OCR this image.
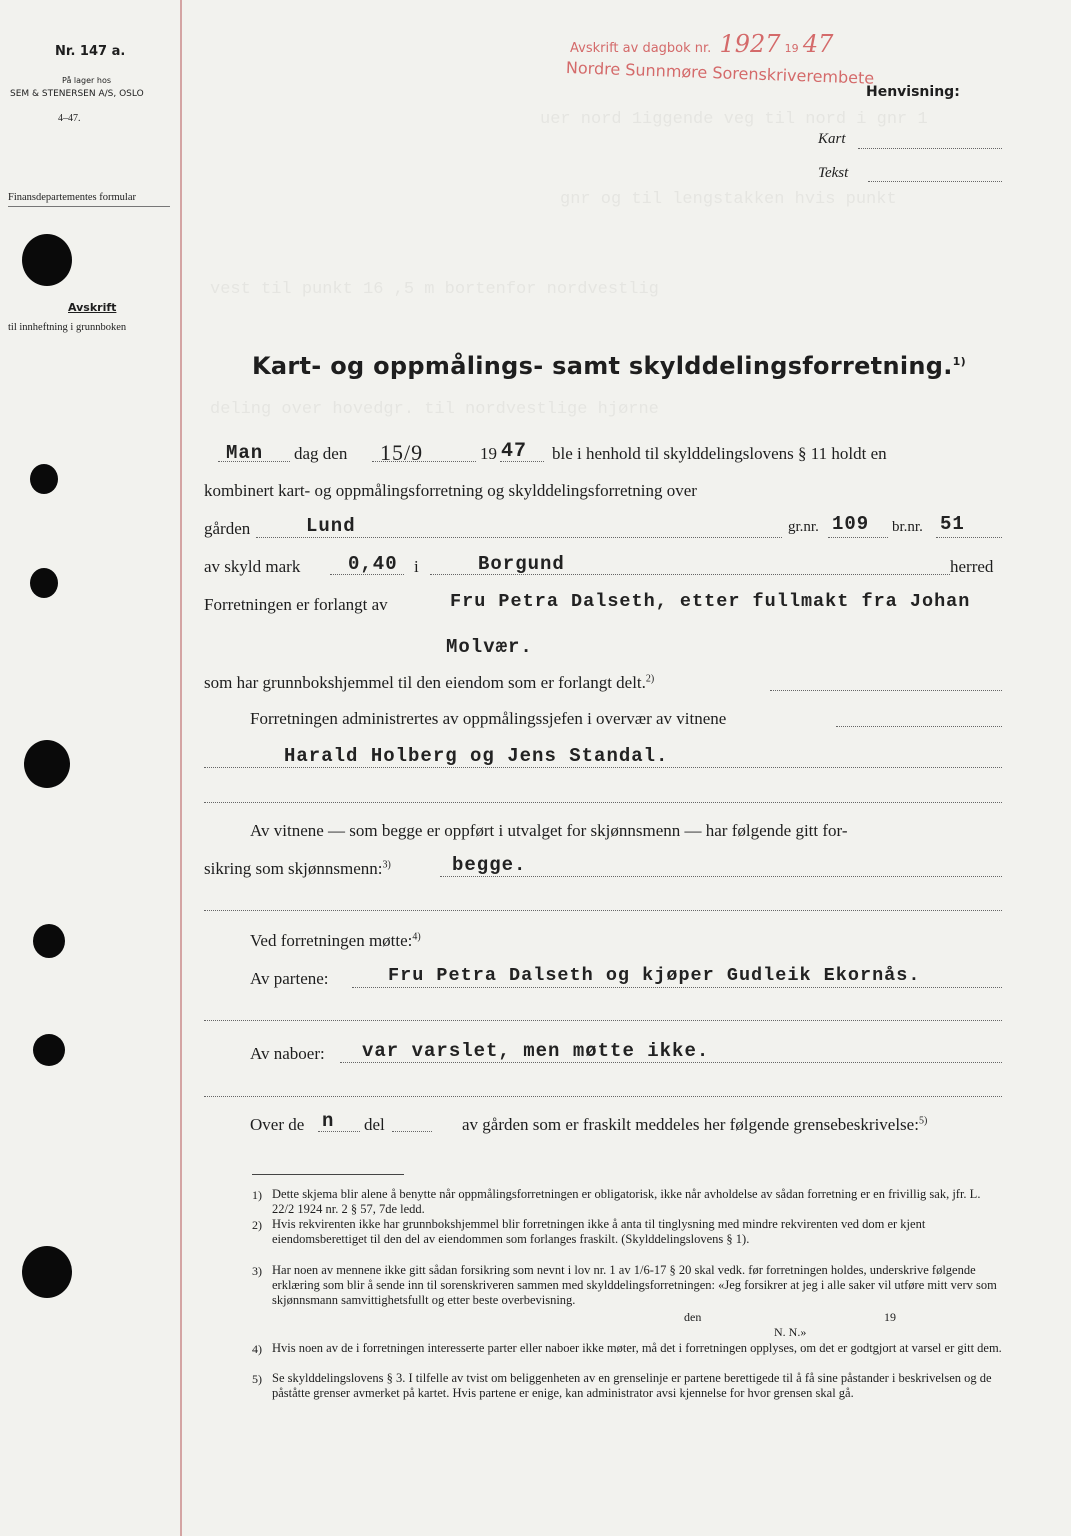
uer nord 1iggende veg til nord i gnr 1
gnr og til lengstakken hvis punkt
vest til punkt 16 ,5 m bortenfor nordvestlig
deling over hovedgr. til nordvestlige hjørne
Nr. 147 a.
På lager hos
SEM & STENERSEN A/S, OSLO
4–47.
Finansdepartementes formular
Avskrift
til innheftning i grunnboken
Avskrift av dagbok nr. 1927 19 47
Nordre Sunnmøre Sorenskriverembete
Henvisning:
Kart
Tekst
Kart- og oppmålings- samt skylddelingsforretning.$^{1)}$
Man dag den 15/9	19 47 ble i henhold til skylddelingslovens § 11 holdt en
kombinert kart- og oppmålingsforretning og skylddelingsforretning over
gården	Lund	gr.nr. 109 br.nr. 51
av skyld mark	0,40 i	Borgund	herred
Forretningen er forlangt av	Fru Petra Dalseth, etter fullmakt fra Johan
Molvær.
som har grunnbokshjemmel til den eiendom som er forlangt delt.$^{2)}$
Forretningen administrertes av oppmålingssjefen i overvær av vitnene
Harald Holberg og Jens Standal.
Av vitnene — som begge er oppført i utvalget for skjønnsmenn — har følgende gitt for-
sikring som skjønnsmenn:$^{3)}$	begge.
Ved forretningen møtte:$^{4)}$
Av partene:	Fru Petra Dalseth og kjøper Gudleik Ekornås.
Av naboer: var varslet, men møtte ikke.
Over de n del	av gården som er fraskilt meddeles her følgende grensebeskrivelse:$^{5)}$
1) Dette skjema blir alene å benytte når oppmålingsforretningen er obligatorisk, ikke når avholdelse av sådan forretning er en frivillig sak, jfr. L. 22/2 1924 nr. 2 § 57, 7de ledd.
2) Hvis rekvirenten ikke har grunnbokshjemmel blir forretningen ikke å anta til tinglysning med mindre rekvirenten ved dom er kjent eiendomsberettiget til den del av eiendommen som forlanges fraskilt. (Skylddelingslovens § 1).
3) Har noen av mennene ikke gitt sådan forsikring som nevnt i lov nr. 1 av 1/6-17 § 20 skal vedk. før forretningen holdes, underskrive følgende erklæring som blir å sende inn til sorenskriveren sammen med skylddelingsforretningen: «Jeg forsikrer at jeg i alle saker vil utføre mitt verv som skjønnsmann samvittighetsfullt og etter beste overbevisning.
den	19
N. N.»
4) Hvis noen av de i forretningen interesserte parter eller naboer ikke møter, må det i forretningen opplyses, om det er godtgjort at varsel er gitt dem.
5) Se skylddelingslovens § 3. I tilfelle av tvist om beliggenheten av en grenselinje er partene berettigede til å få sine påstander i beskrivelsen og de påståtte grenser avmerket på kartet. Hvis partene er enige, kan administrator avsi kjennelse for hvor grensen skal gå.
